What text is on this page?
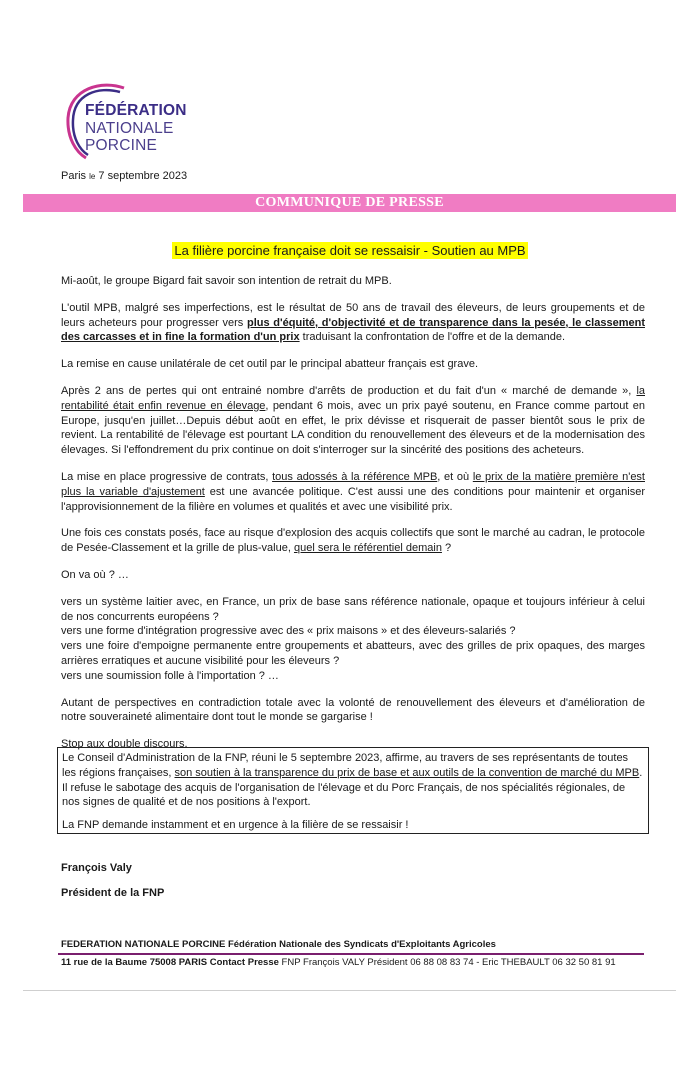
FÉDÉRATION
NATIONALE
PORCINE
Paris le 7 septembre 2023
COMMUNIQUE DE PRESSE
La filière porcine française doit se ressaisir - Soutien au MPB

Mi-août, le groupe Bigard fait savoir son intention de retrait du MPB.

L'outil MPB, malgré ses imperfections, est le résultat de 50 ans de travail des éleveurs, de leurs groupements et de leurs acheteurs pour progresser vers plus d'équité, d'objectivité et de transparence dans la pesée, le classement des carcasses et in fine la formation d'un prix traduisant la confrontation de l'offre et de la demande.

La remise en cause unilatérale de cet outil par le principal abatteur français est grave.

Après 2 ans de pertes qui ont entrainé nombre d'arrêts de production et du fait d'un « marché de demande », la rentabilité était enfin revenue en élevage, pendant 6 mois, avec un prix payé soutenu, en France comme partout en Europe, jusqu'en juillet…Depuis début août en effet, le prix dévisse et risquerait de passer bientôt sous le prix de revient. La rentabilité de l'élevage est pourtant LA condition du renouvellement des éleveurs et de la modernisation des élevages. Si l'effondrement du prix continue on doit s'interroger sur la sincérité des positions des acheteurs.

La mise en place progressive de contrats, tous adossés à la référence MPB, et où le prix de la matière première n'est plus la variable d'ajustement est une avancée politique. C'est aussi une des conditions pour maintenir et organiser l'approvisionnement de la filière en volumes et qualités et avec une visibilité prix.

Une fois ces constats posés, face au risque d'explosion des acquis collectifs que sont le marché au cadran, le protocole de Pesée-Classement et la grille de plus-value, quel sera le référentiel demain ?

On va où ? …

vers un système laitier avec, en France, un prix de base sans référence nationale, opaque et toujours inférieur à celui de nos concurrents européens ?

vers une forme d'intégration progressive avec des « prix maisons » et des éleveurs-salariés ?

vers une foire d'empoigne permanente entre groupements et abatteurs, avec des grilles de prix opaques, des marges arrières erratiques et aucune visibilité pour les éleveurs ?

vers une soumission folle à l'importation ? …

Autant de perspectives en contradiction totale avec la volonté de renouvellement des éleveurs et d'amélioration de notre souveraineté alimentaire dont tout le monde se gargarise !

Stop aux double discours.

Le Conseil d'Administration de la FNP, réuni le 5 septembre 2023, affirme, au travers de ses représentants de toutes les régions françaises, son soutien à la transparence du prix de base et aux outils de la convention de marché du MPB.

Il refuse le sabotage des acquis de l'organisation de l'élevage et du Porc Français, de nos spécialités régionales, de nos signes de qualité et de nos positions à l'export.

La FNP demande instamment et en urgence à la filière de se ressaisir !

François Valy
Président de la FNP
FEDERATION NATIONALE PORCINE Fédération Nationale des Syndicats d'Exploitants Agricoles
11 rue de la Baume 75008 PARIS Contact Presse FNP François VALY Président 06 88 08 83 74 - Eric THEBAULT 06 32 50 81 91
